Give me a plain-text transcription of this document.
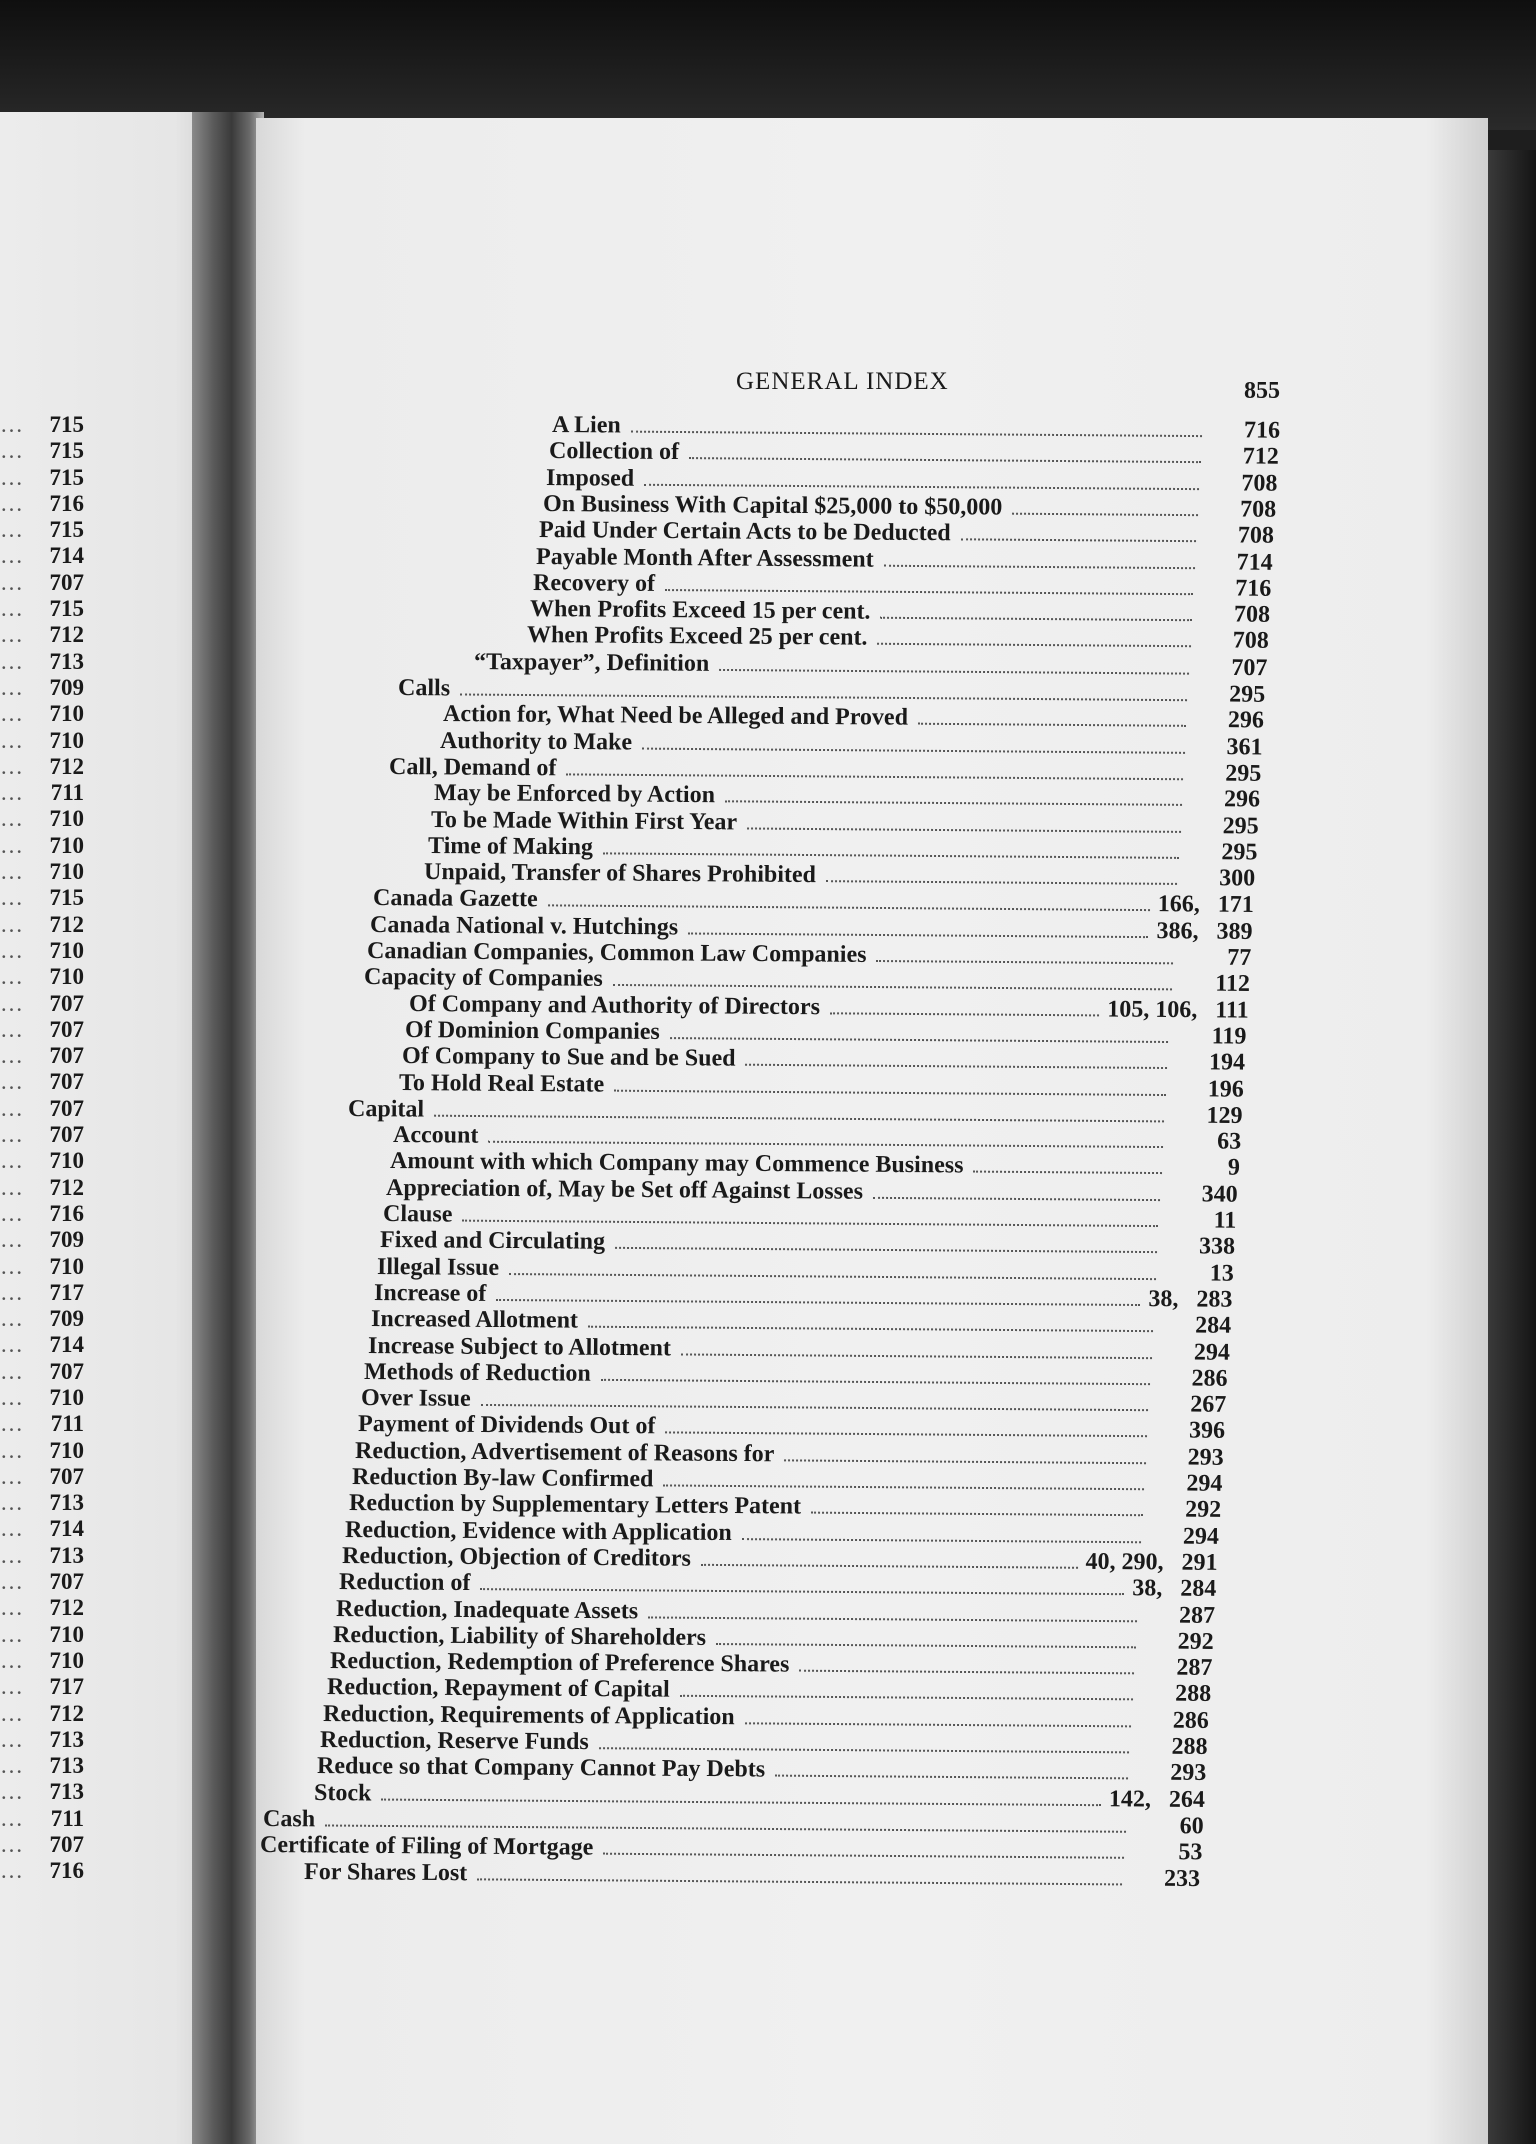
… 715
… 715
… 715
… 716
… 715
… 714
… 707
… 715
… 712
… 713
… 709
… 710
… 710
… 712
… 711
… 710
… 710
… 710
… 715
… 712
… 710
… 710
… 707
… 707
… 707
… 707
… 707
… 707
… 710
… 712
… 716
… 709
… 710
… 717
… 709
… 714
… 707
… 710
… 711
… 710
… 707
… 713
… 714
… 713
… 707
… 712
… 710
… 710
… 717
… 712
… 713
… 713
… 713
… 711
… 707
… 716
GENERAL INDEX	855
A Lien	716
Collection of	712
Imposed	708
On Business With Capital $25,000 to $50,000	708
Paid Under Certain Acts to be Deducted	708
Payable Month After Assessment	714
Recovery of	716
When Profits Exceed 15 per cent.	708
When Profits Exceed 25 per cent.	708
“Taxpayer”, Definition	707
Calls	295
Action for, What Need be Alleged and Proved	296
Authority to Make	361
Call, Demand of	295
May be Enforced by Action	296
To be Made Within First Year	295
Time of Making	295
Unpaid, Transfer of Shares Prohibited	300
Canada Gazette	166,   171
Canada National v. Hutchings	386,   389
Canadian Companies, Common Law Companies	77
Capacity of Companies	112
Of Company and Authority of Directors	105, 106,   111
Of Dominion Companies	119
Of Company to Sue and be Sued	194
To Hold Real Estate	196
Capital	129
Account	63
Amount with which Company may Commence Business	9
Appreciation of, May be Set off Against Losses	340
Clause	11
Fixed and Circulating	338
Illegal Issue	13
Increase of	38,   283
Increased Allotment	284
Increase Subject to Allotment	294
Methods of Reduction	286
Over Issue	267
Payment of Dividends Out of	396
Reduction, Advertisement of Reasons for	293
Reduction By-law Confirmed	294
Reduction by Supplementary Letters Patent	292
Reduction, Evidence with Application	294
Reduction, Objection of Creditors	40, 290,   291
Reduction of	38,   284
Reduction, Inadequate Assets	287
Reduction, Liability of Shareholders	292
Reduction, Redemption of Preference Shares	287
Reduction, Repayment of Capital	288
Reduction, Requirements of Application	286
Reduction, Reserve Funds	288
Reduce so that Company Cannot Pay Debts	293
Stock	142,   264
Cash	60
Certificate of Filing of Mortgage	53
For Shares Lost	233
